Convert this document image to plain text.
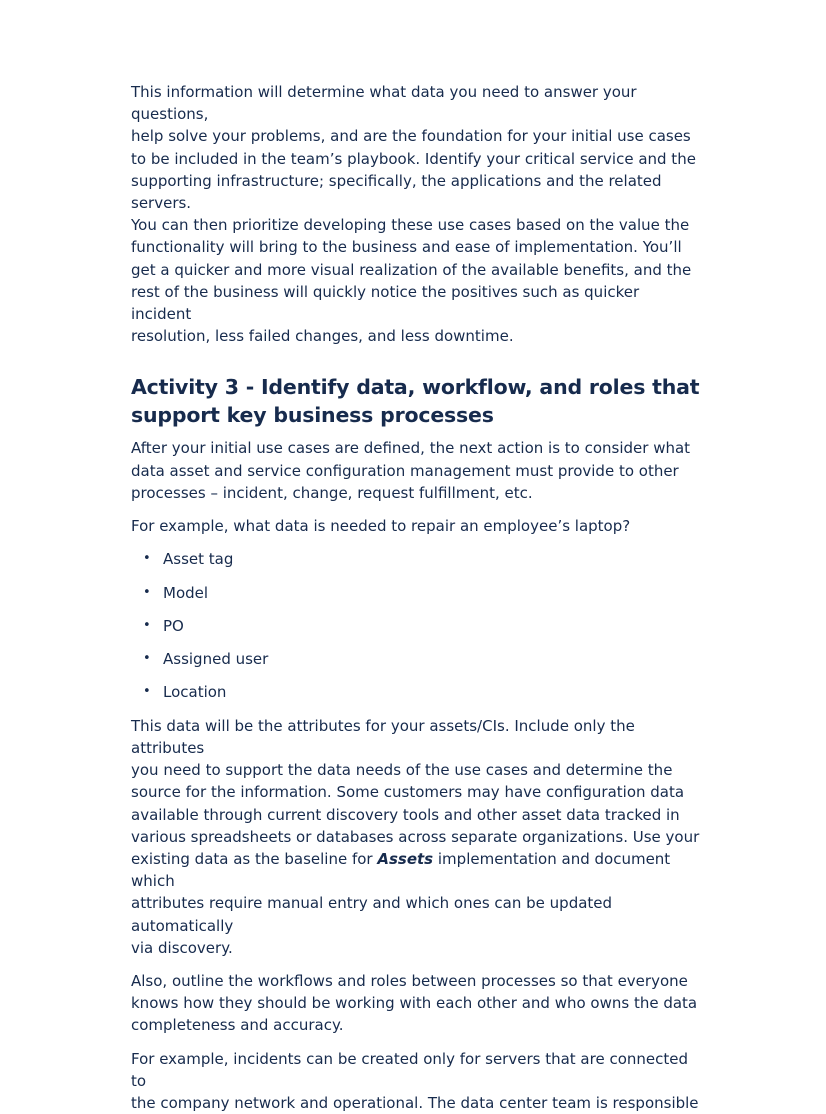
This information will determine what data you need to answer your questions,
help solve your problems, and are the foundation for your initial use cases
to be included in the team’s playbook. Identify your critical service and the
supporting infrastructure; specifically, the applications and the related servers.
You can then prioritize developing these use cases based on the value the
functionality will bring to the business and ease of implementation. You’ll
get a quicker and more visual realization of the available benefits, and the
rest of the business will quickly notice the positives such as quicker incident
resolution, less failed changes, and less downtime.

Activity 3 - Identify data, workflow, and roles that support key business processes

After your initial use cases are defined, the next action is to consider what
data asset and service configuration management must provide to other
processes – incident, change, request fulfillment, etc.

For example, what data is needed to repair an employee’s laptop?

• Asset tag
• Model
• PO
• Assigned user
• Location

This data will be the attributes for your assets/CIs. Include only the attributes
you need to support the data needs of the use cases and determine the
source for the information. Some customers may have configuration data
available through current discovery tools and other asset data tracked in
various spreadsheets or databases across separate organizations. Use your
existing data as the baseline for Assets implementation and document which
attributes require manual entry and which ones can be updated automatically
via discovery.

Also, outline the workflows and roles between processes so that everyone
knows how they should be working with each other and who owns the data
completeness and accuracy.

For example, incidents can be created only for servers that are connected to
the company network and operational. The data center team is responsible
